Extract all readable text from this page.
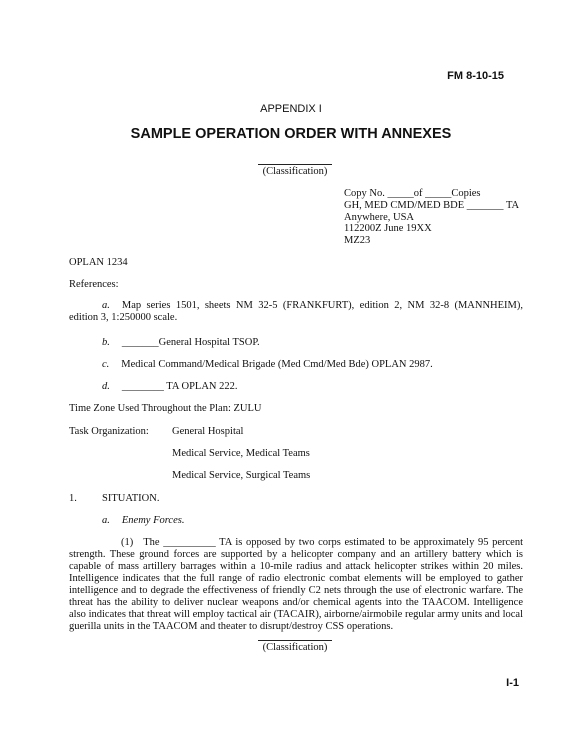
FM 8-10-15
APPENDIX I
SAMPLE OPERATION ORDER WITH ANNEXES
(Classification)
Copy No. _____of _____Copies
GH, MED CMD/MED BDE _______ TA
Anywhere, USA
112200Z June 19XX
MZ23
OPLAN 1234
References:
a. Map series 1501, sheets NM 32-5 (FRANKFURT), edition 2, NM 32-8 (MANNHEIM), edition 3, 1:250000 scale.
b. _______General Hospital TSOP.
c. Medical Command/Medical Brigade (Med Cmd/Med Bde) OPLAN 2987.
d. ________ TA OPLAN 222.
Time Zone Used Throughout the Plan: ZULU
Task Organization: General Hospital
Medical Service, Medical Teams
Medical Service, Surgical Teams
1. SITUATION.
a. Enemy Forces.
(1) The __________ TA is opposed by two corps estimated to be approximately 95 percent strength. These ground forces are supported by a helicopter company and an artillery battery which is capable of mass artillery barrages within a 10-mile radius and attack helicopter strikes within 20 miles. Intelligence indicates that the full range of radio electronic combat elements will be employed to gather intelligence and to degrade the effectiveness of friendly C2 nets through the use of electronic warfare. The threat has the ability to deliver nuclear weapons and/or chemical agents into the TAACOM. Intelligence also indicates that threat will employ tactical air (TACAIR), airborne/airmobile regular army units and local guerilla units in the TAACOM and theater to disrupt/destroy CSS operations.
(Classification)
I-1
